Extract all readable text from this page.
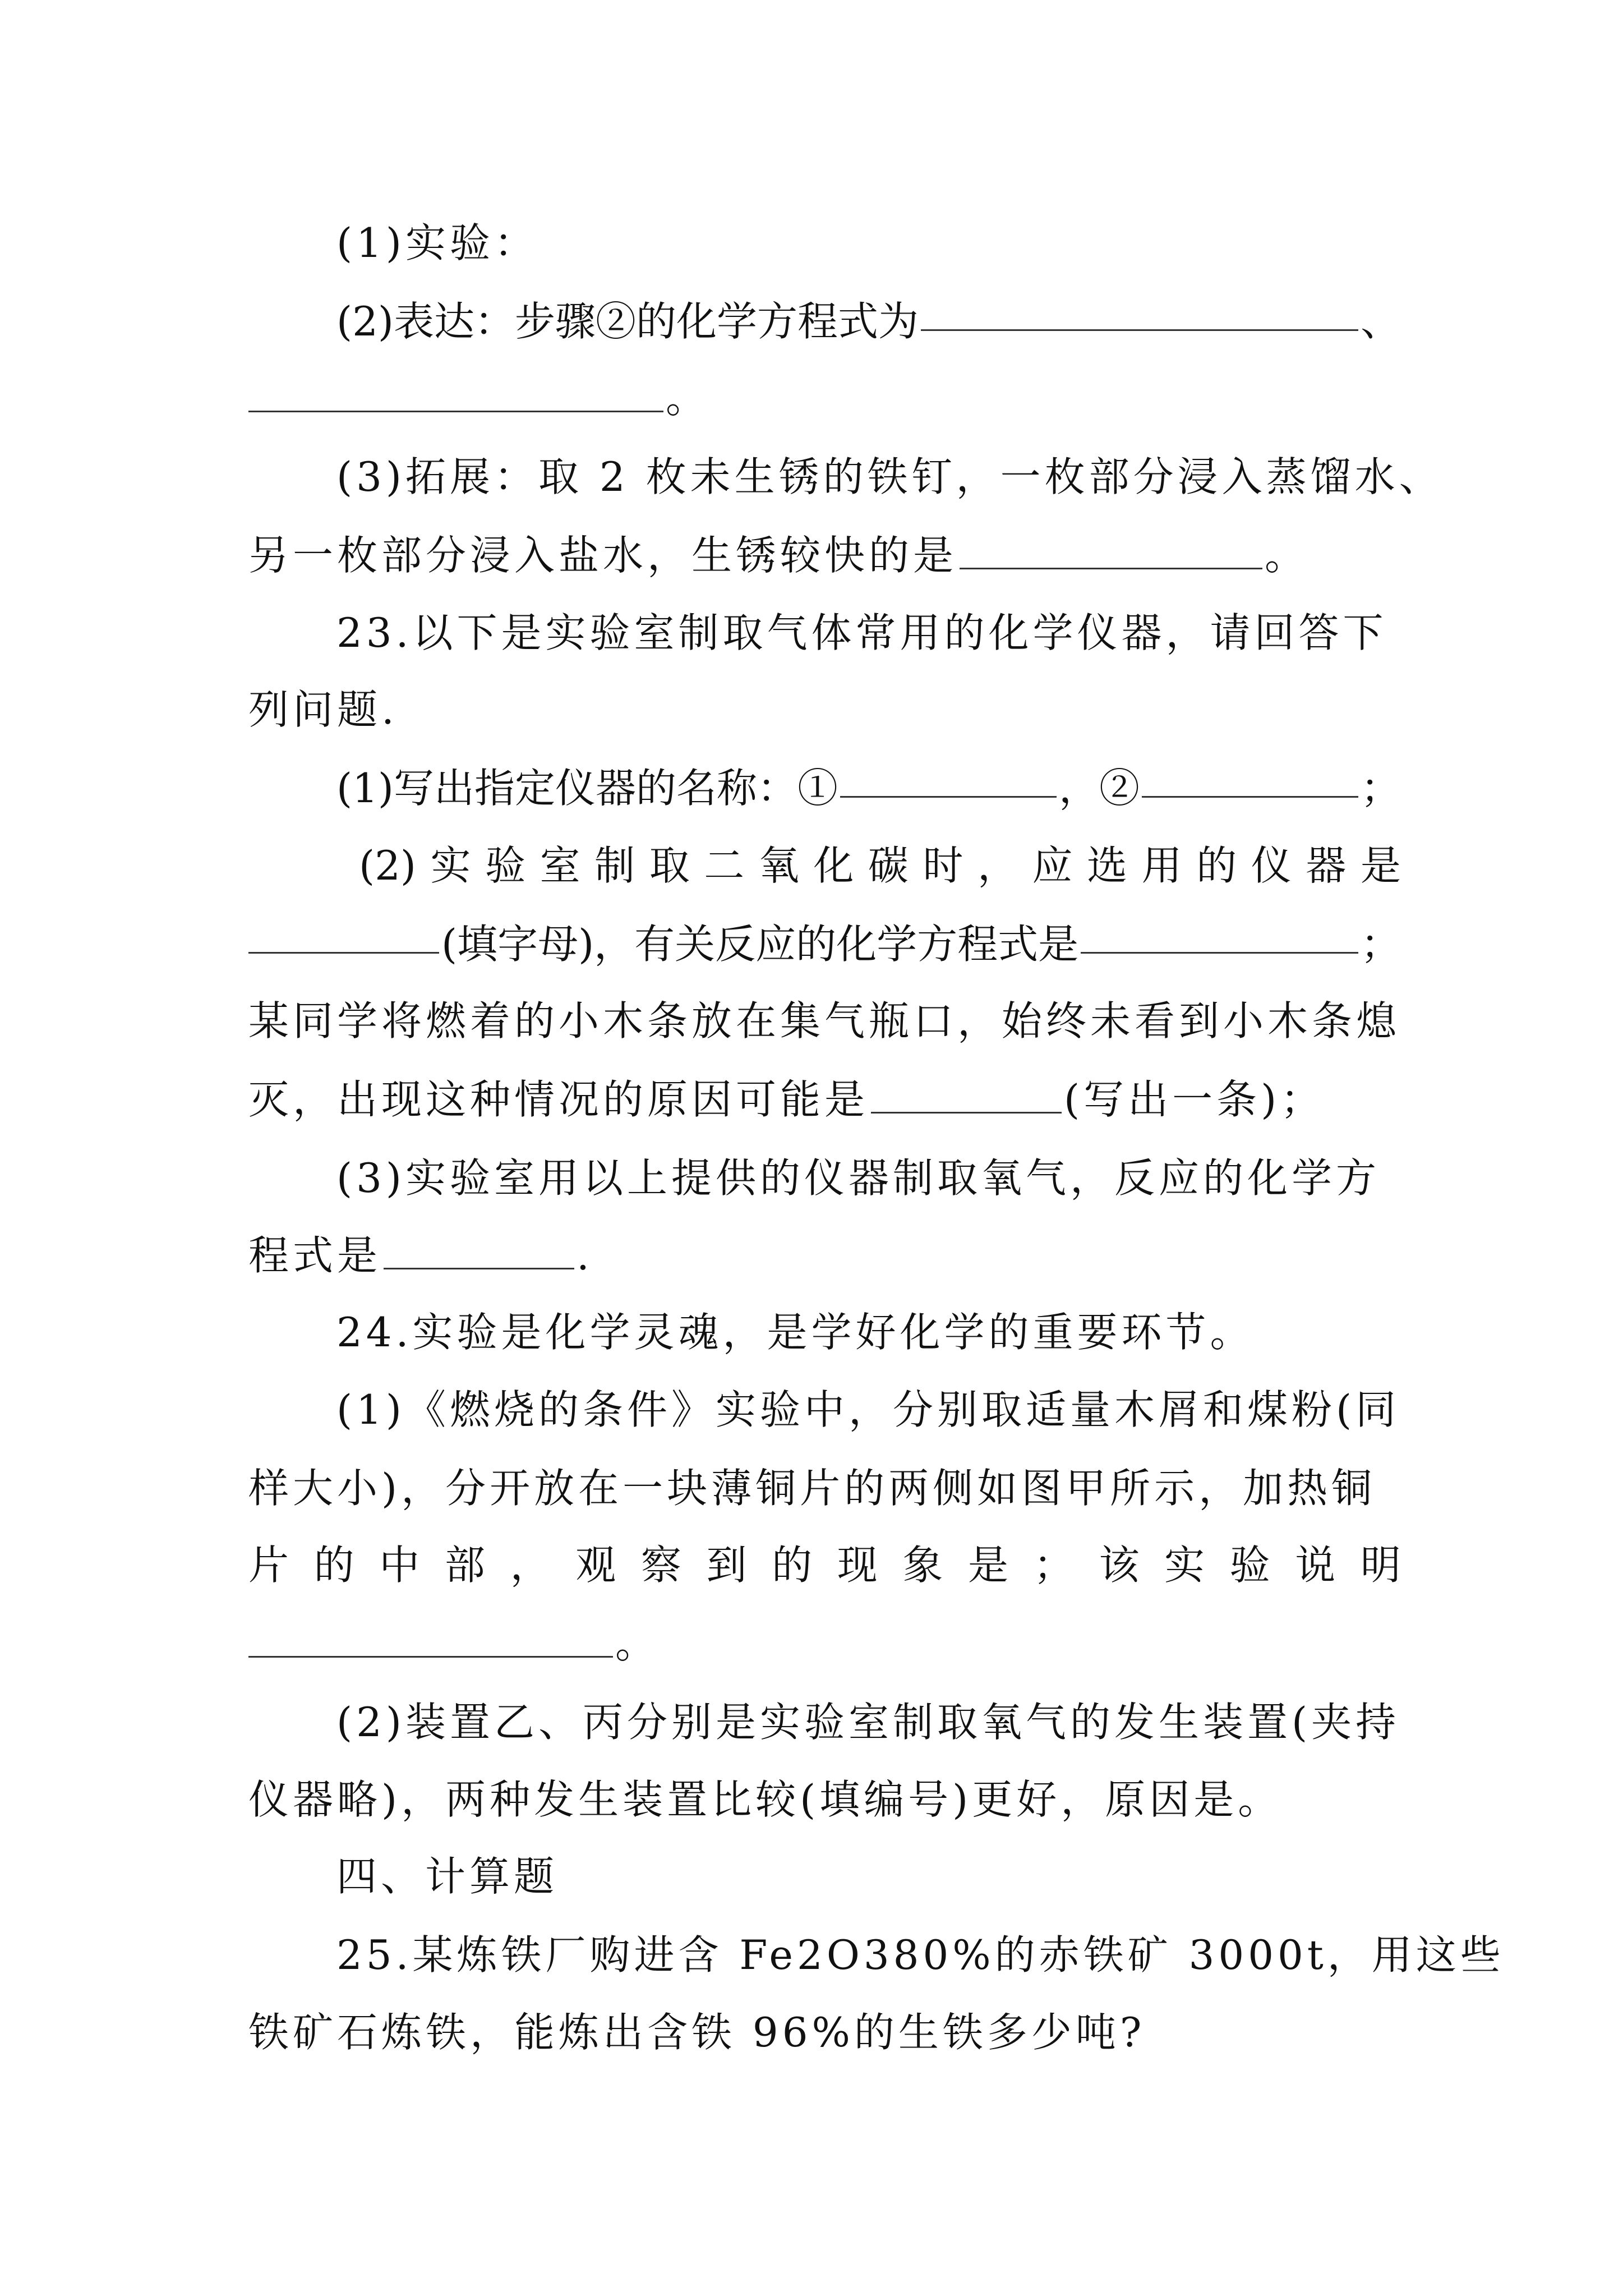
(1)实验：
(2)表达：步骤②的化学方程式为	、
。
(3)拓展：取 2 枚未生锈的铁钉，一枚部分浸入蒸馏水、
另一枚部分浸入盐水，生锈较快的是	。
23.以下是实验室制取气体常用的化学仪器，请回答下
列问题.
(1)写出指定仪器的名称：①	，②	；
(2) 实 验 室 制 取 二 氧 化 碳 时 ， 应 选 用 的 仪 器 是
(填字母)，有关反应的化学方程式是	；
某同学将燃着的小木条放在集气瓶口，始终未看到小木条熄
灭，出现这种情况的原因可能是	(写出一条)；
(3)实验室用以上提供的仪器制取氧气，反应的化学方
程式是	.
24.实验是化学灵魂，是学好化学的重要环节。
(1)《燃烧的条件》实验中，分别取适量木屑和煤粉(同
样大小)，分开放在一块薄铜片的两侧如图甲所示，加热铜
片 的 中 部 ， 观 察 到 的 现 象 是 ； 该 实 验 说 明
。
(2)装置乙、丙分别是实验室制取氧气的发生装置(夹持
仪器略)，两种发生装置比较(填编号)更好，原因是。
四、计算题
25.某炼铁厂购进含 Fe2O380%的赤铁矿 3000t，用这些
铁矿石炼铁，能炼出含铁 96%的生铁多少吨?
